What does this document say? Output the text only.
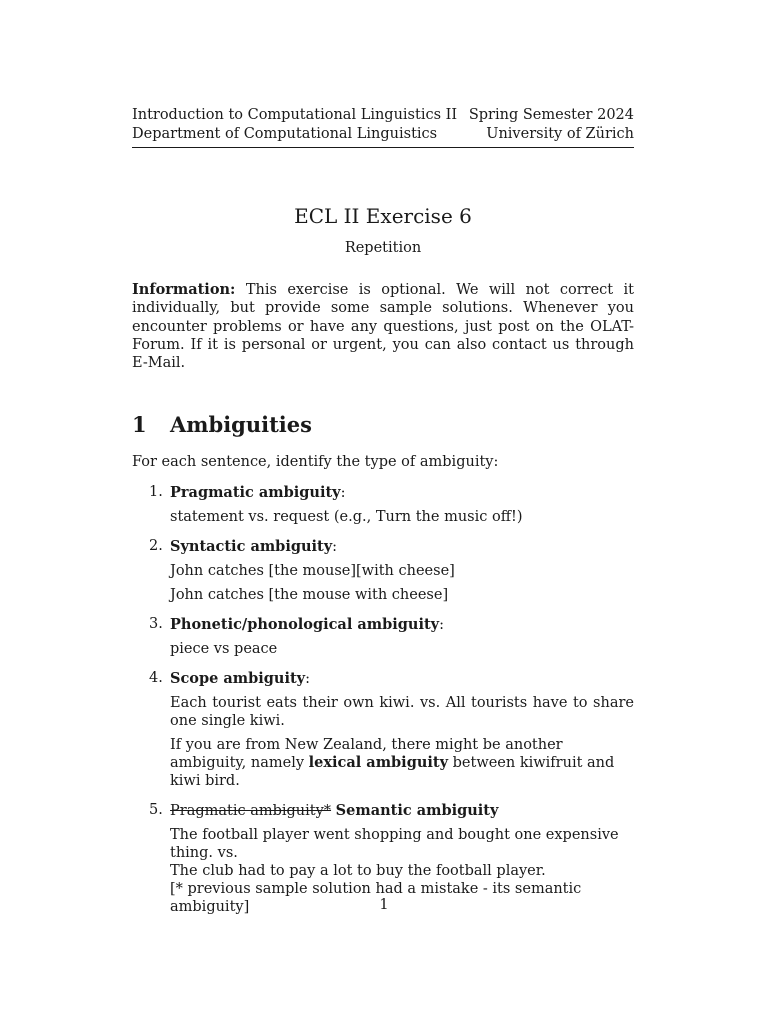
Introduction to Computational Linguistics II Spring Semester 2024
Department of Computational Linguistics	University of Zürich
ECL II Exercise 6
Repetition
Information: This exercise is optional. We will not correct it individually, but provide some sample solutions. Whenever you encounter problems or have any questions, just post on the OLAT-Forum. If it is personal or urgent, you can also contact us through E-Mail.
1	Ambiguities
For each sentence, identify the type of ambiguity:
1. Pragmatic ambiguity:
statement vs. request (e.g., Turn the music off!)
2. Syntactic ambiguity:
John catches [the mouse][with cheese]
John catches [the mouse with cheese]
3. Phonetic/phonological ambiguity:
piece vs peace
4. Scope ambiguity:
Each tourist eats their own kiwi. vs. All tourists have to share one single kiwi.
If you are from New Zealand, there might be another ambiguity, namely lexical ambiguity between kiwifruit and kiwi bird.
5. Pragmatic ambiguity* Semantic ambiguity
The football player went shopping and bought one expensive thing. vs.
The club had to pay a lot to buy the football player.
[* previous sample solution had a mistake - its semantic ambiguity]	1
